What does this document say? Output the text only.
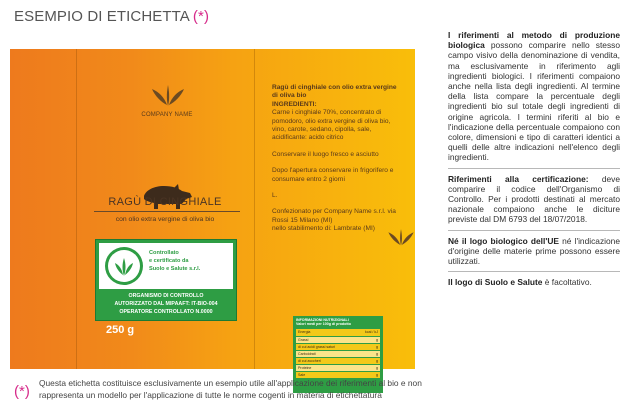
ESEMPIO DI ETICHETTA (*)
COMPANY NAME
RAGÙ DI CINGHIALE
con olio extra vergine di oliva bio
Controllato
e certificato da
Suolo e Salute s.r.l.
ORGANISMO DI CONTROLLO
AUTORIZZATO DAL MIPAAFT: IT-BIO-004
OPERATORE CONTROLLATO N.0000
250 g

Ragù di cinghiale con olio extra vergine di oliva bio
INGREDIENTI:
Carne i cinghiale 70%, concentrato di pomodoro, olio extra vergine di oliva bio, vino, carote, sedano, cipolla, sale, acidificante: acido citrico

Conservare il luogo fresco e asciutto

Dopo l'apertura conservare in frigorifero e consumare entro 2 giorni

L.

Confezionato per Company Name s.r.l. via Rossi 15 Milano (MI)
nello stabilimento di: Lambrate (MI)

INFORMAZIONI NUTRIZIONALI
Valori medi per 100g di prodotto
Energia	kcal / kJ
Grassi	g
di cui acidi grassi saturi	g
Carboidrati	g
di cui zuccheri	g
Proteine	g
Sale	g
(*) Questa etichetta costituisce esclusivamente un esempio utile all'applicazione dei riferimenti al bio e non rappresenta un modello per l'applicazione di tutte le norme cogenti in materia di etichettatura

I riferimenti al metodo di produzione biologica possono comparire nello stesso campo visivo della denominazione di vendita, ma esclusivamente in riferimento agli ingredienti biologici. I riferimenti compaiono anche nella lista degli ingredienti. Al termine della lista compare la percentuale degli ingredienti bio sul totale degli ingredienti di origine agricola. I termini riferiti al bio e l'indicazione della percentuale compaiono con colore, dimensioni e tipo di caratteri identici a quelli delle altre indicazioni nell'elenco degli ingredienti.

Riferimenti alla certificazione: deve comparire il codice dell'Organismo di Controllo. Per i prodotti destinati al mercato nazionale compaiono anche le diciture previste dal DM 6793 del 18/07/2018.

Né il logo biologico dell'UE né l'indicazione d'origine delle materie prime possono essere utilizzati.

Il logo di Suolo e Salute è facoltativo.
